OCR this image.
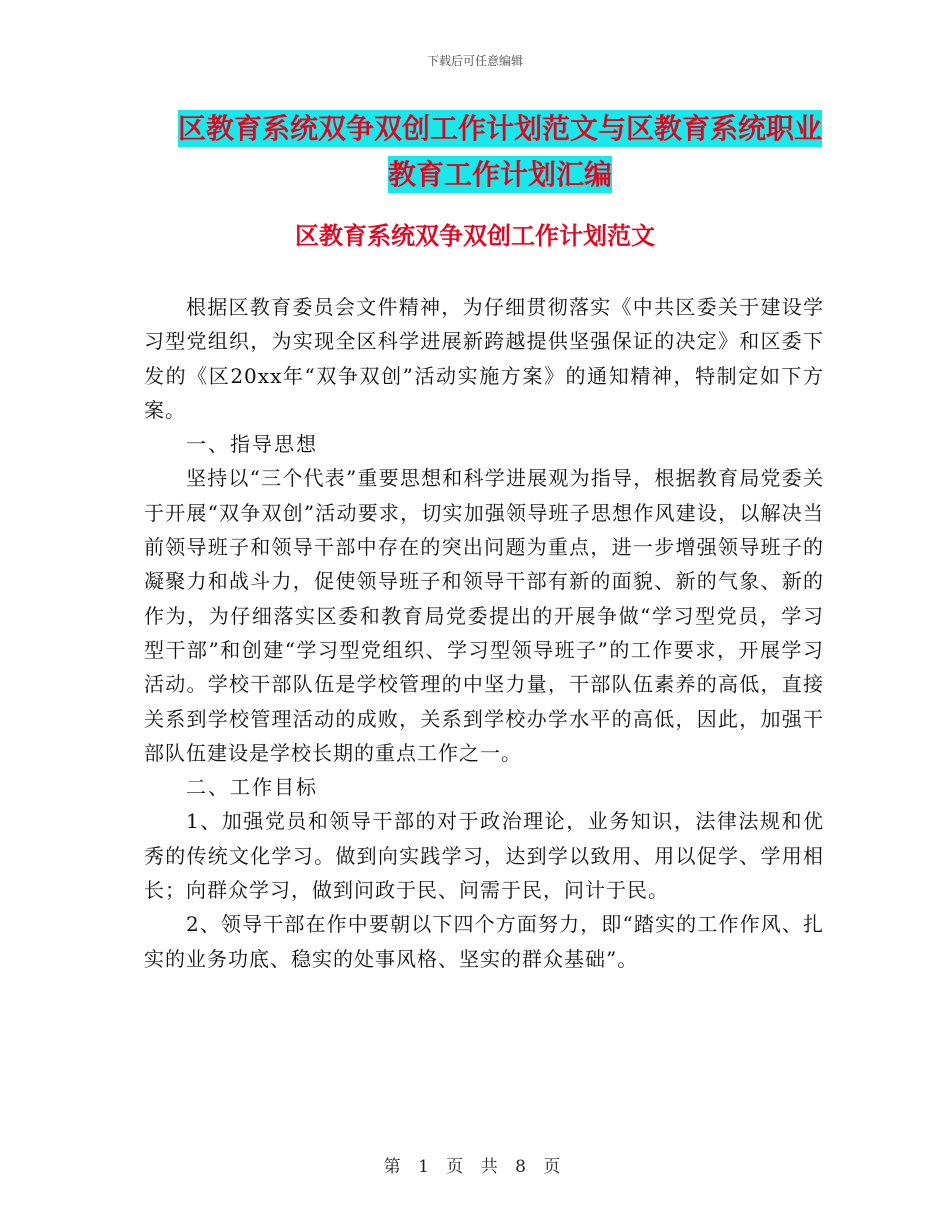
下载后可任意编辑
区教育系统双争双创工作计划范文与区教育系统职业
教育工作计划汇编
区教育系统双争双创工作计划范文

根据区教育委员会文件精神，为仔细贯彻落实《中共区委关于建设学习型党组织，为实现全区科学进展新跨越提供坚强保证的决定》和区委下发的《区20xx年“双争双创”活动实施方案》的通知精神，特制定如下方案。

一、指导思想

坚持以“三个代表”重要思想和科学进展观为指导，根据教育局党委关于开展“双争双创”活动要求，切实加强领导班子思想作风建设，以解决当前领导班子和领导干部中存在的突出问题为重点，进一步增强领导班子的凝聚力和战斗力，促使领导班子和领导干部有新的面貌、新的气象、新的作为，为仔细落实区委和教育局党委提出的开展争做“学习型党员，学习型干部”和创建“学习型党组织、学习型领导班子”的工作要求，开展学习活动。学校干部队伍是学校管理的中坚力量，干部队伍素养的高低，直接关系到学校管理活动的成败，关系到学校办学水平的高低，因此，加强干部队伍建设是学校长期的重点工作之一。

二、工作目标

1、加强党员和领导干部的对于政治理论，业务知识，法律法规和优秀的传统文化学习。做到向实践学习，达到学以致用、用以促学、学用相长；向群众学习，做到问政于民、问需于民，问计于民。

2、领导干部在作中要朝以下四个方面努力，即“踏实的工作作风、扎实的业务功底、稳实的处事风格、坚实的群众基础”。

第 1 页 共 8 页
